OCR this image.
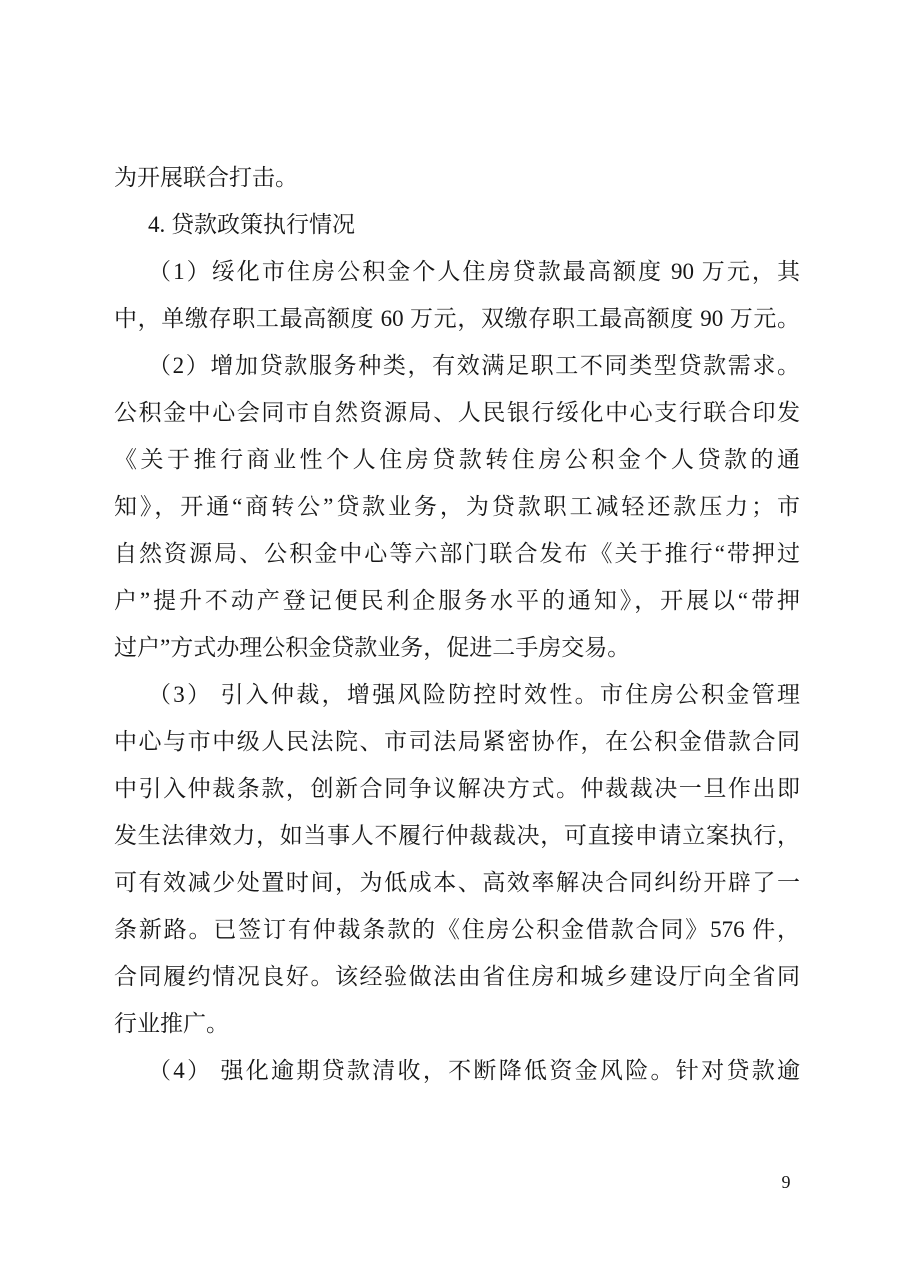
为开展联合打击。
4. 贷款政策执行情况
（1）绥化市住房公积金个人住房贷款最高额度 90 万元，其
中，单缴存职工最高额度 60 万元，双缴存职工最高额度 90 万元。
（2）增加贷款服务种类，有效满足职工不同类型贷款需求。
公积金中心会同市自然资源局、人民银行绥化中心支行联合印发
《关于推行商业性个人住房贷款转住房公积金个人贷款的通
知》，开通“商转公”贷款业务，为贷款职工减轻还款压力；市
自然资源局、公积金中心等六部门联合发布《关于推行“带押过
户”提升不动产登记便民利企服务水平的通知》，开展以“带押
过户”方式办理公积金贷款业务，促进二手房交易。
（3） 引入仲裁，增强风险防控时效性。市住房公积金管理
中心与市中级人民法院、市司法局紧密协作，在公积金借款合同
中引入仲裁条款，创新合同争议解决方式。仲裁裁决一旦作出即
发生法律效力，如当事人不履行仲裁裁决，可直接申请立案执行，
可有效减少处置时间，为低成本、高效率解决合同纠纷开辟了一
条新路。已签订有仲裁条款的《住房公积金借款合同》576 件，
合同履约情况良好。该经验做法由省住房和城乡建设厅向全省同
行业推广。
（4） 强化逾期贷款清收，不断降低资金风险。针对贷款逾
9
